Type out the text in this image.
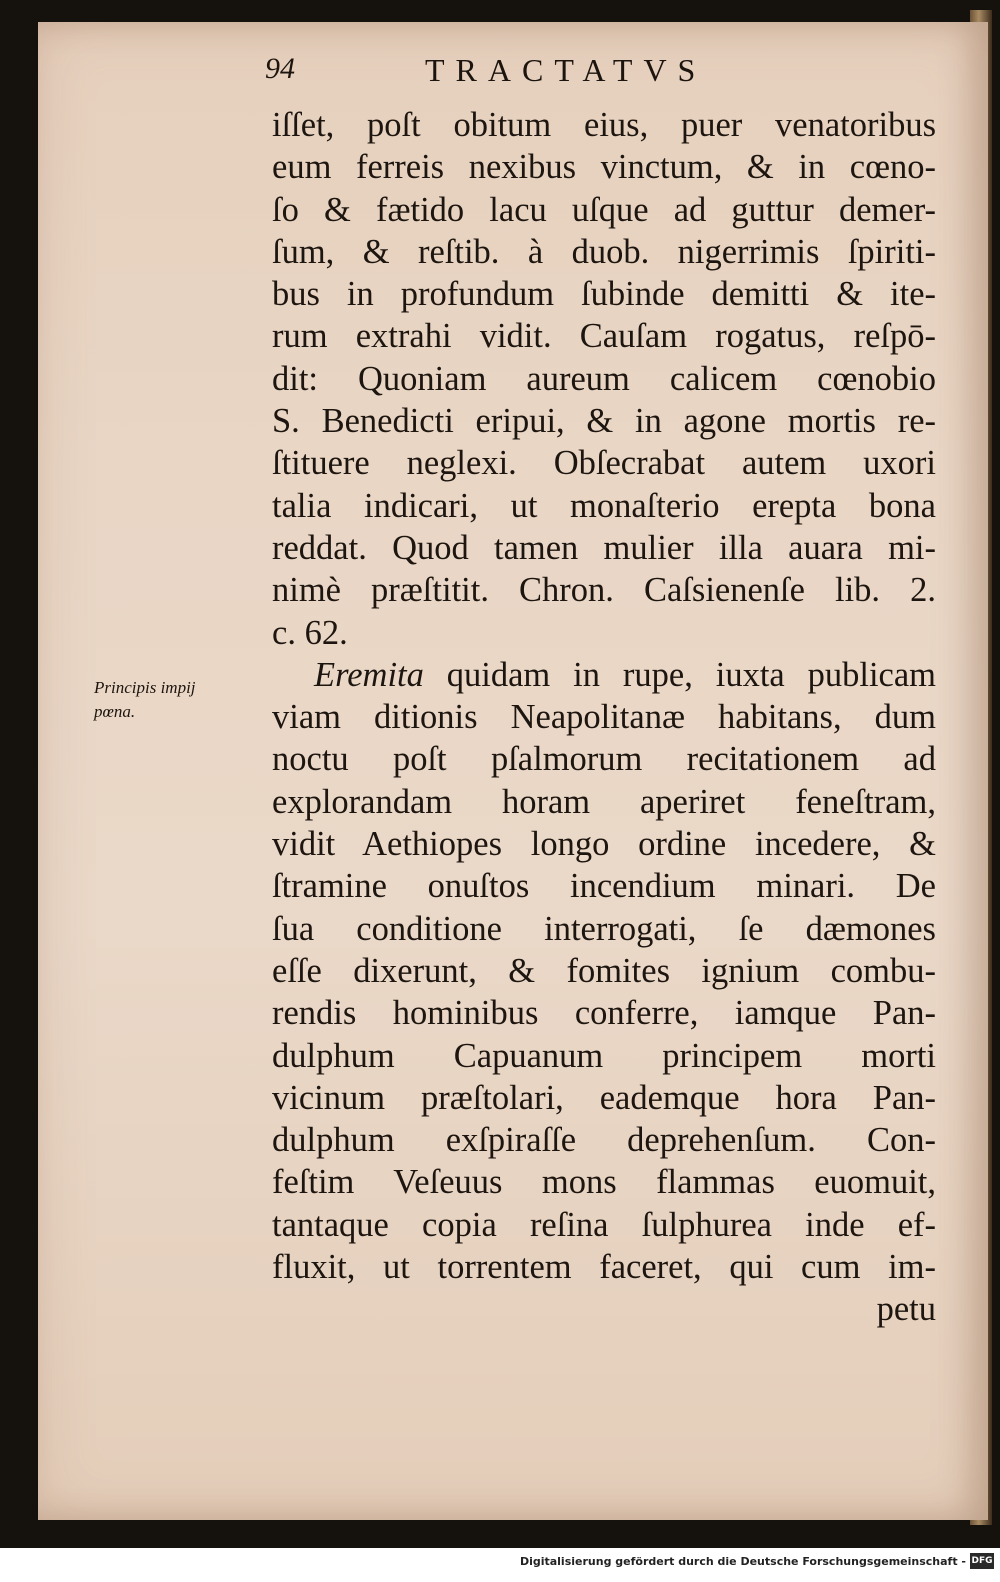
94	TRACTATVS
Principis impij
pœna.
iſſet, poſt obitum eius, puer venatoribus
eum ferreis nexibus vinctum, & in cœno-
ſo & fætido lacu uſque ad guttur demer-
ſum, & reſtib. à duob. nigerrimis ſpiriti-
bus in profundum ſubinde demitti & ite-
rum extrahi vidit. Cauſam rogatus, reſpō-
dit: Quoniam aureum calicem cœnobio
S. Benedicti eripui, & in agone mortis re-
ſtituere neglexi. Obſecrabat autem uxori
talia indicari, ut monaſterio erepta bona
reddat. Quod tamen mulier illa auara mi-
nimè præſtitit. Chron. Caſsienenſe lib. 2.
c. 62.
Eremita quidam in rupe, iuxta publicam
viam ditionis Neapolitanæ habitans, dum
noctu poſt pſalmorum recitationem ad
explorandam horam aperiret feneſtram,
vidit Aethiopes longo ordine incedere, &
ſtramine onuſtos incendium minari. De
ſua conditione interrogati, ſe dæmones
eſſe dixerunt, & fomites ignium combu-
rendis hominibus conferre, iamque Pan-
dulphum Capuanum principem morti
vicinum præſtolari, eademque hora Pan-
dulphum exſpiraſſe deprehenſum. Con-
feſtim Veſeuus mons flammas euomuit,
tantaque copia reſina ſulphurea inde ef-
fluxit, ut torrentem faceret, qui cum im-
petu
Digitalisierung gefördert durch die Deutsche Forschungsgemeinschaft - DFG
